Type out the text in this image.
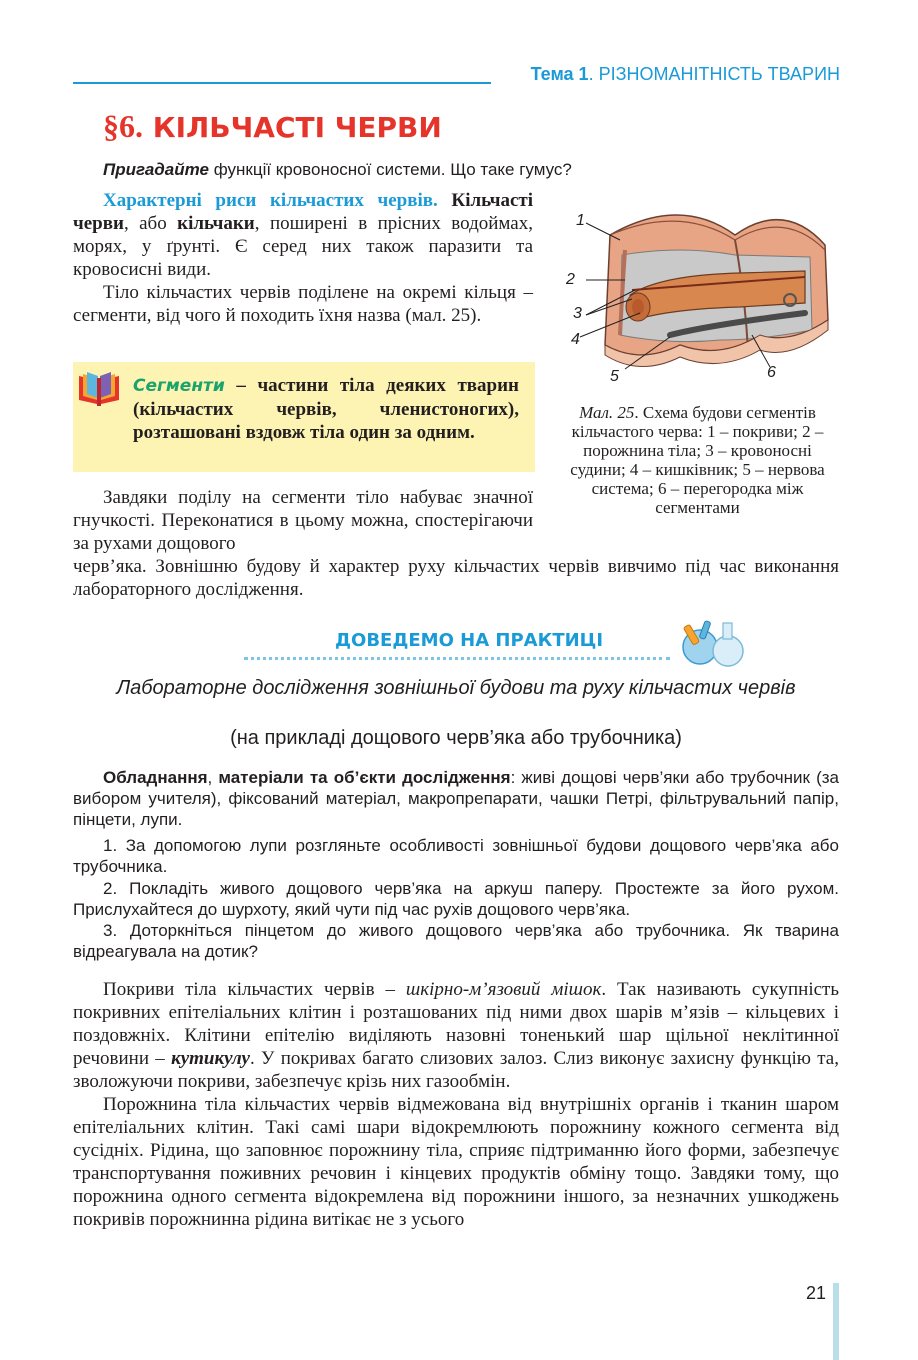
Тема 1. РІЗНОМАНІТНІСТЬ ТВАРИН
§6. КІЛЬЧАСТІ ЧЕРВИ
Пригадайте функції кровоносної системи. Що таке гумус?
Характерні риси кільчастих червів. Кільчасті черви, або кільчаки, поширені в прісних водоймах, морях, у ґрунті. Є серед них також паразити та кровосисні види.
Тіло кільчастих червів поділене на окремі кільця – сегменти, від чого й походить їхня назва (мал. 25).
Сегменти – частини тіла деяких тварин (кільчастих червів, членистоногих), розташовані вздовж тіла один за одним.
Завдяки поділу на сегменти тіло набуває значної гнучкості. Переконатися в цьому можна, спостерігаючи за рухами дощового
черв’яка. Зовнішню будову й характер руху кільчастих червів вивчимо під час виконання лабораторного дослідження.
1
2
3
4
5	6
Мал. 25. Схема будови сегментів кільчастого черва: 1 – покриви; 2 – порожнина тіла; 3 – кровоносні судини; 4 – кишківник; 5 – нервова система; 6 – перегородка між сегментами
ДОВЕДЕМО НА ПРАКТИЦІ
Лабораторне дослідження зовнішньої будови та руху кільчастих червів
(на прикладі дощового черв’яка або трубочника)
Обладнання, матеріали та об’єкти дослідження: живі дощові черв’яки або трубочник (за вибором учителя), фіксований матеріал, макропрепарати, чашки Петрі, фільтрувальний папір, пінцети, лупи.
1. За допомогою лупи розгляньте особливості зовнішньої будови дощового черв’яка або трубочника.
2. Покладіть живого дощового черв’яка на аркуш паперу. Простежте за його рухом. Прислухайтеся до шурхоту, який чути під час рухів дощового черв’яка.
3. Доторкніться пінцетом до живого дощового черв’яка або трубочника. Як тварина відреагувала на дотик?
Покриви тіла кільчастих червів – шкірно-м’язовий мішок. Так називають сукупність покривних епітеліальних клітин і розташованих під ними двох шарів м’язів – кільцевих і поздовжніх. Клітини епітелію виділяють назовні тоненький шар щільної неклітинної речовини – кутикулу. У покривах багато слизових залоз. Слиз виконує захисну функцію та, зволожуючи покриви, забезпечує крізь них газообмін.
Порожнина тіла кільчастих червів відмежована від внутрішніх органів і тканин шаром епітеліальних клітин. Такі самі шари відокремлюють порожнину кожного сегмента від сусідніх. Рідина, що заповнює порожнину тіла, сприяє підтриманню його форми, забезпечує транспортування поживних речовин і кінцевих продуктів обміну тощо. Завдяки тому, що порожнина одного сегмента відокремлена від порожнини іншого, за незначних ушкоджень покривів порожнинна рідина витікає не з усього
21
